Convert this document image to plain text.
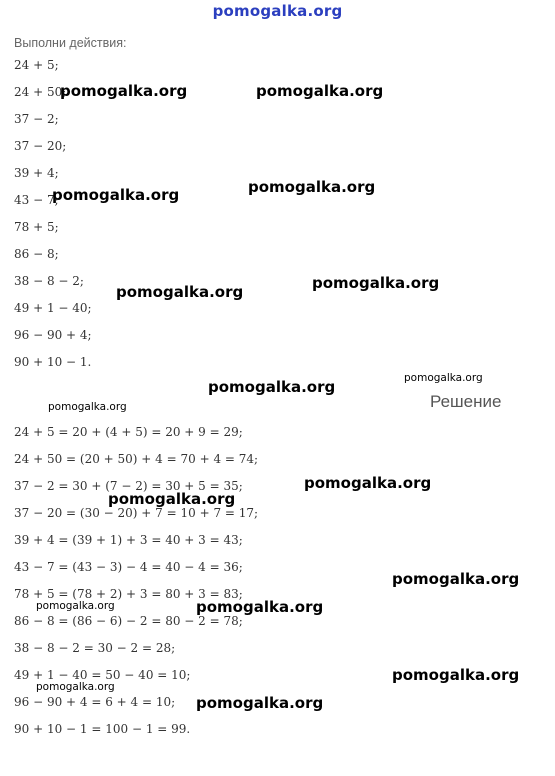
pomogalka.org
Выполни действия:
24 + 5;
24 + 50;
37 − 2;
37 − 20;
39 + 4;
43 − 7;
78 + 5;
86 − 8;
38 − 8 − 2;
49 + 1 − 40;
96 − 90 + 4;
90 + 10 − 1.
Решение
24 + 5 = 20 + (4 + 5) = 20 + 9 = 29;
24 + 50 = (20 + 50) + 4 = 70 + 4 = 74;
37 − 2 = 30 + (7 − 2) = 30 + 5 = 35;
37 − 20 = (30 − 20) + 7 = 10 + 7 = 17;
39 + 4 = (39 + 1) + 3 = 40 + 3 = 43;
43 − 7 = (43 − 3) − 4 = 40 − 4 = 36;
78 + 5 = (78 + 2) + 3 = 80 + 3 = 83;
86 − 8 = (86 − 6) − 2 = 80 − 2 = 78;
38 − 8 − 2 = 30 − 2 = 28;
49 + 1 − 40 = 50 − 40 = 10;
96 − 90 + 4 = 6 + 4 = 10;
90 + 10 − 1 = 100 − 1 = 99.
pomogalka.org	pomogalka.org
pomogalka.org	pomogalka.org
pomogalka.org	pomogalka.org
pomogalka.org	pomogalka.org
pomogalka.org
pomogalka.org
pomogalka.org
pomogalka.org
pomogalka.org	pomogalka.org
pomogalka.org
pomogalka.org
pomogalka.org
